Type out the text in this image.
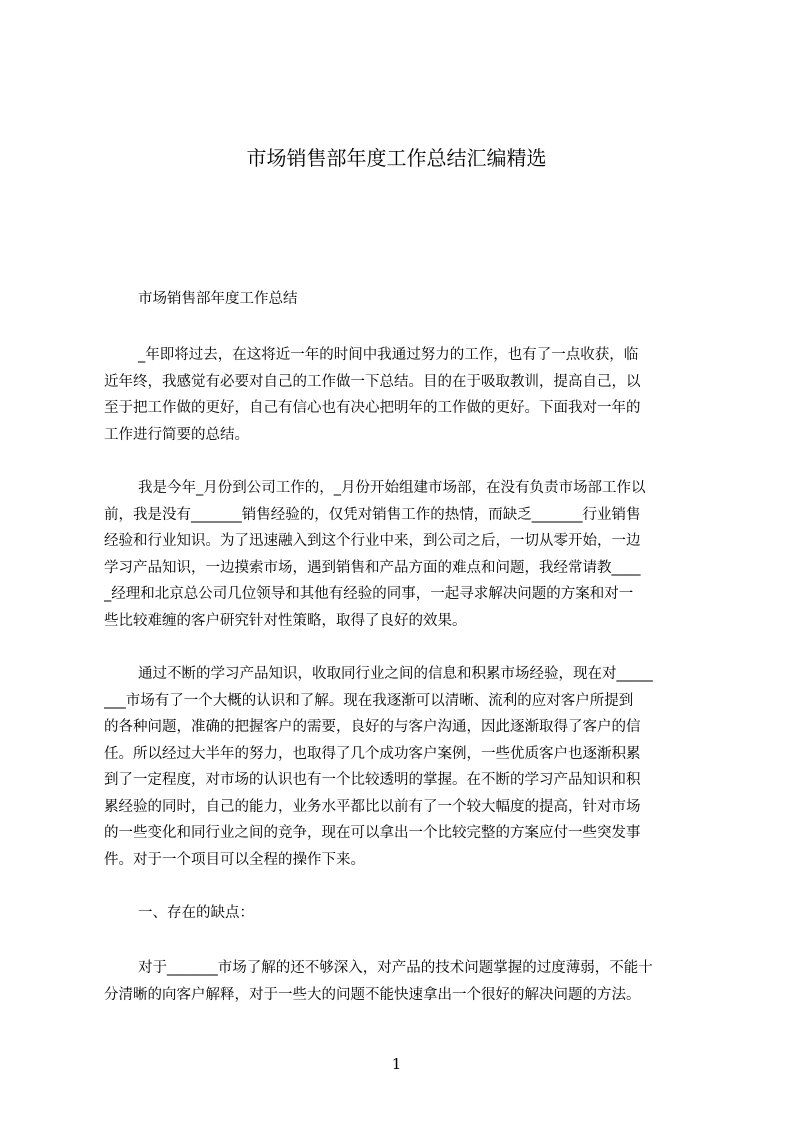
市场销售部年度工作总结汇编精选
市场销售部年度工作总结
_年即将过去，在这将近一年的时间中我通过努力的工作，也有了一点收获，临
近年终，我感觉有必要对自己的工作做一下总结。目的在于吸取教训，提高自己，以
至于把工作做的更好，自己有信心也有决心把明年的工作做的更好。下面我对一年的
工作进行简要的总结。
我是今年_月份到公司工作的，_月份开始组建市场部，在没有负责市场部工作以
前，我是没有_______销售经验的，仅凭对销售工作的热情，而缺乏_______行业销售
经验和行业知识。为了迅速融入到这个行业中来，到公司之后，一切从零开始，一边
学习产品知识，一边摸索市场，遇到销售和产品方面的难点和问题，我经常请教____
_经理和北京总公司几位领导和其他有经验的同事，一起寻求解决问题的方案和对一
些比较难缠的客户研究针对性策略，取得了良好的效果。
通过不断的学习产品知识，收取同行业之间的信息和积累市场经验，现在对_____
___市场有了一个大概的认识和了解。现在我逐渐可以清晰、流利的应对客户所提到
的各种问题，准确的把握客户的需要，良好的与客户沟通，因此逐渐取得了客户的信
任。所以经过大半年的努力，也取得了几个成功客户案例，一些优质客户也逐渐积累
到了一定程度，对市场的认识也有一个比较透明的掌握。在不断的学习产品知识和积
累经验的同时，自己的能力，业务水平都比以前有了一个较大幅度的提高，针对市场
的一些变化和同行业之间的竞争，现在可以拿出一个比较完整的方案应付一些突发事
件。对于一个项目可以全程的操作下来。
一、存在的缺点：
对于_______市场了解的还不够深入，对产品的技术问题掌握的过度薄弱，不能十
分清晰的向客户解释，对于一些大的问题不能快速拿出一个很好的解决问题的方法。
1
